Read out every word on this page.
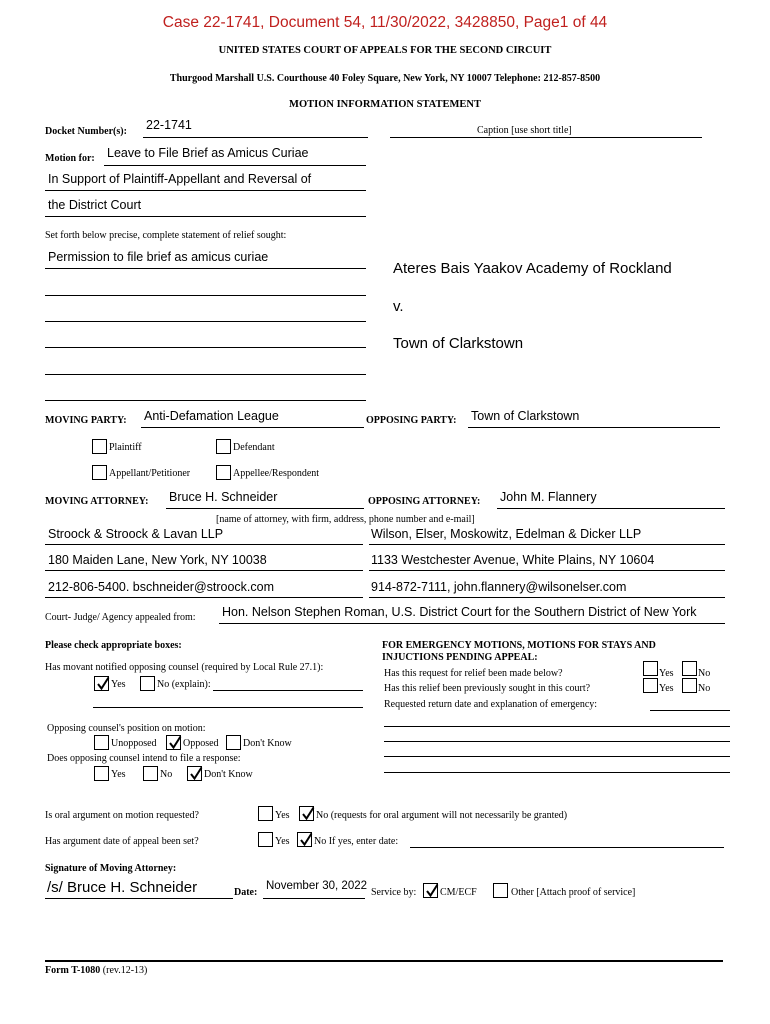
Case 22-1741, Document 54, 11/30/2022, 3428850, Page1 of 44
UNITED STATES COURT OF APPEALS FOR THE SECOND CIRCUIT
Thurgood Marshall U.S. Courthouse 40 Foley Square, New York, NY 10007 Telephone: 212-857-8500
MOTION INFORMATION STATEMENT
Docket Number(s): 22-1741	Caption [use short title]
Motion for: Leave to File Brief as Amicus Curiae
In Support of Plaintiff-Appellant and Reversal of
the District Court
Set forth below precise, complete statement of relief sought:
Permission to file brief as amicus curiae
Ateres Bais Yaakov Academy of Rockland
v.
Town of Clarkstown
MOVING PARTY: Anti-Defamation League	OPPOSING PARTY: Town of Clarkstown
Plaintiff	Defendant
Appellant/Petitioner	Appellee/Respondent
MOVING ATTORNEY: Bruce H. Schneider	OPPOSING ATTORNEY: John M. Flannery
[name of attorney, with firm, address, phone number and e-mail]
Stroock & Stroock & Lavan LLP	Wilson, Elser, Moskowitz, Edelman & Dicker LLP
180 Maiden Lane, New York, NY 10038	1133 Westchester Avenue, White Plains, NY 10604
212-806-5400. bschneider@stroock.com	914-872-7111, john.flannery@wilsonelser.com
Court- Judge/ Agency appealed from: Hon. Nelson Stephen Roman, U.S. District Court for the Southern District of New York
Please check appropriate boxes:
Has movant notified opposing counsel (required by Local Rule 27.1):
Yes	No (explain):
Opposing counsel's position on motion:
Unopposed	Opposed Don't Know
Does opposing counsel intend to file a response:
Yes	No	Don't Know
FOR EMERGENCY MOTIONS, MOTIONS FOR STAYS AND
INJUCTIONS PENDING APPEAL:
Has this request for relief been made below?
Has this relief been previously sought in this court?
Yes No
Yes No
Requested return date and explanation of emergency:
Is oral argument on motion requested?	Yes	No (requests for oral argument will not necessarily be granted)
Has argument date of appeal been set?	Yes No If yes, enter date:
Signature of Moving Attorney:
/s/ Bruce H. Schneider	Date:
November 30, 2022
Service by: CM/ECF	Other [Attach proof of service]
Form T-1080 (rev.12-13)
